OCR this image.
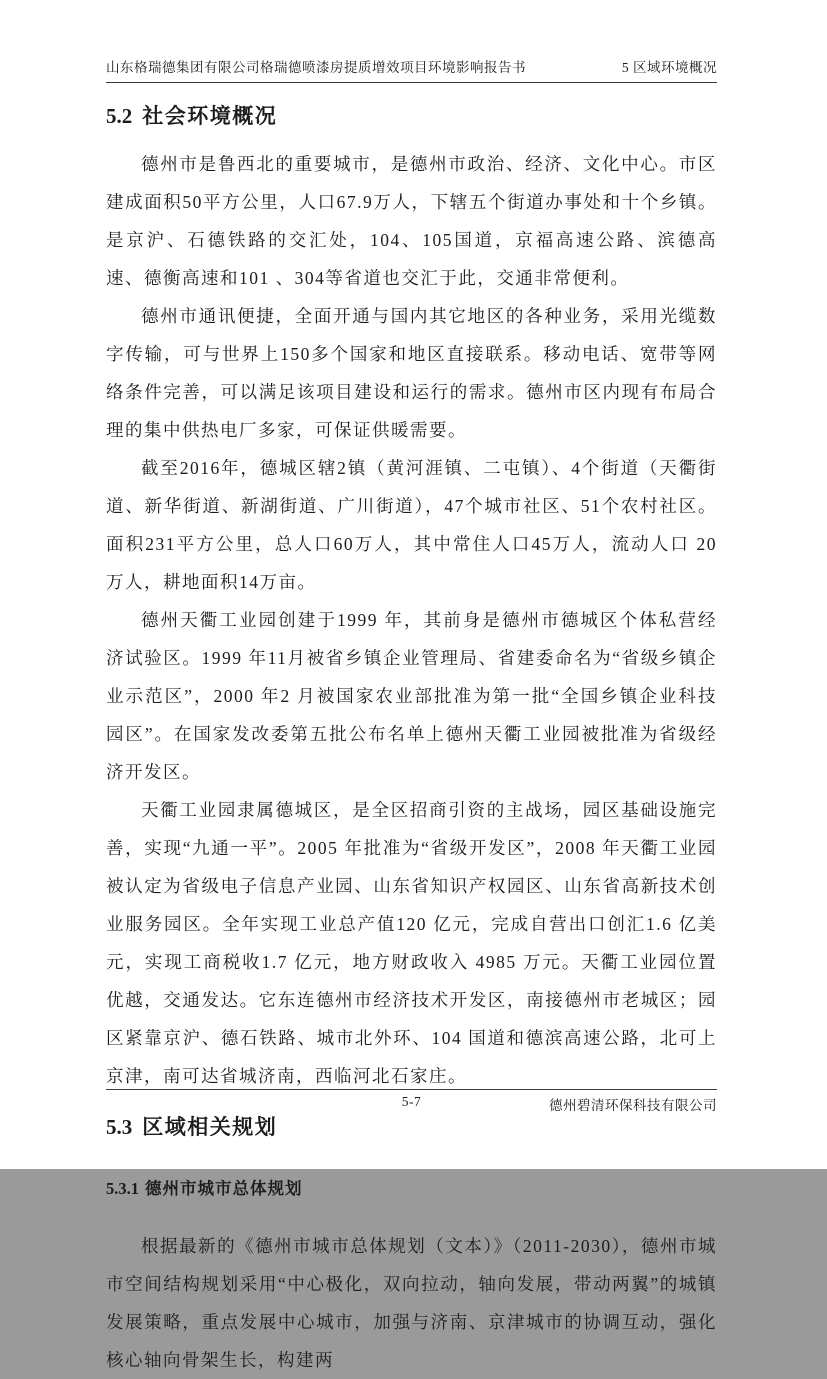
山东格瑞德集团有限公司格瑞德喷漆房提质增效项目环境影响报告书	5 区域环境概况
5.2 社会环境概况

德州市是鲁西北的重要城市，是德州市政治、经济、文化中心。市区建成面积50平方公里，人口67.9万人，下辖五个街道办事处和十个乡镇。是京沪、石德铁路的交汇处，104、105国道，京福高速公路、滨德高速、德衡高速和101 、304等省道也交汇于此，交通非常便利。

德州市通讯便捷，全面开通与国内其它地区的各种业务，采用光缆数字传输，可与世界上150多个国家和地区直接联系。移动电话、宽带等网络条件完善，可以满足该项目建设和运行的需求。德州市区内现有布局合理的集中供热电厂多家，可保证供暖需要。

截至2016年，德城区辖2镇（黄河涯镇、二屯镇）、4个街道（天衢街道、新华街道、新湖街道、广川街道），47个城市社区、51个农村社区。面积231平方公里，总人口60万人，其中常住人口45万人，流动人口 20万人，耕地面积14万亩。

德州天衢工业园创建于1999 年，其前身是德州市德城区个体私营经济试验区。1999 年11月被省乡镇企业管理局、省建委命名为“省级乡镇企业示范区”，2000 年2 月被国家农业部批准为第一批“全国乡镇企业科技园区”。在国家发改委第五批公布名单上德州天衢工业园被批准为省级经济开发区。

天衢工业园隶属德城区，是全区招商引资的主战场，园区基础设施完善，实现“九通一平”。2005 年批准为“省级开发区”，2008 年天衢工业园被认定为省级电子信息产业园、山东省知识产权园区、山东省高新技术创业服务园区。全年实现工业总产值120 亿元，完成自营出口创汇1.6 亿美元，实现工商税收1.7 亿元，地方财政收入 4985 万元。天衢工业园位置优越，交通发达。它东连德州市经济技术开发区，南接德州市老城区；园区紧靠京沪、德石铁路、城市北外环、104 国道和德滨高速公路，北可上京津，南可达省城济南，西临河北石家庄。

5.3 区域相关规划
5.3.1 德州市城市总体规划

根据最新的《德州市城市总体规划（文本）》（2011-2030），德州市城市空间结构规划采用“中心极化，双向拉动，轴向发展，带动两翼”的城镇发展策略，重点发展中心城市，加强与济南、京津城市的协调互动，强化核心轴向骨架生长，构建两

5-7	德州碧清环保科技有限公司
